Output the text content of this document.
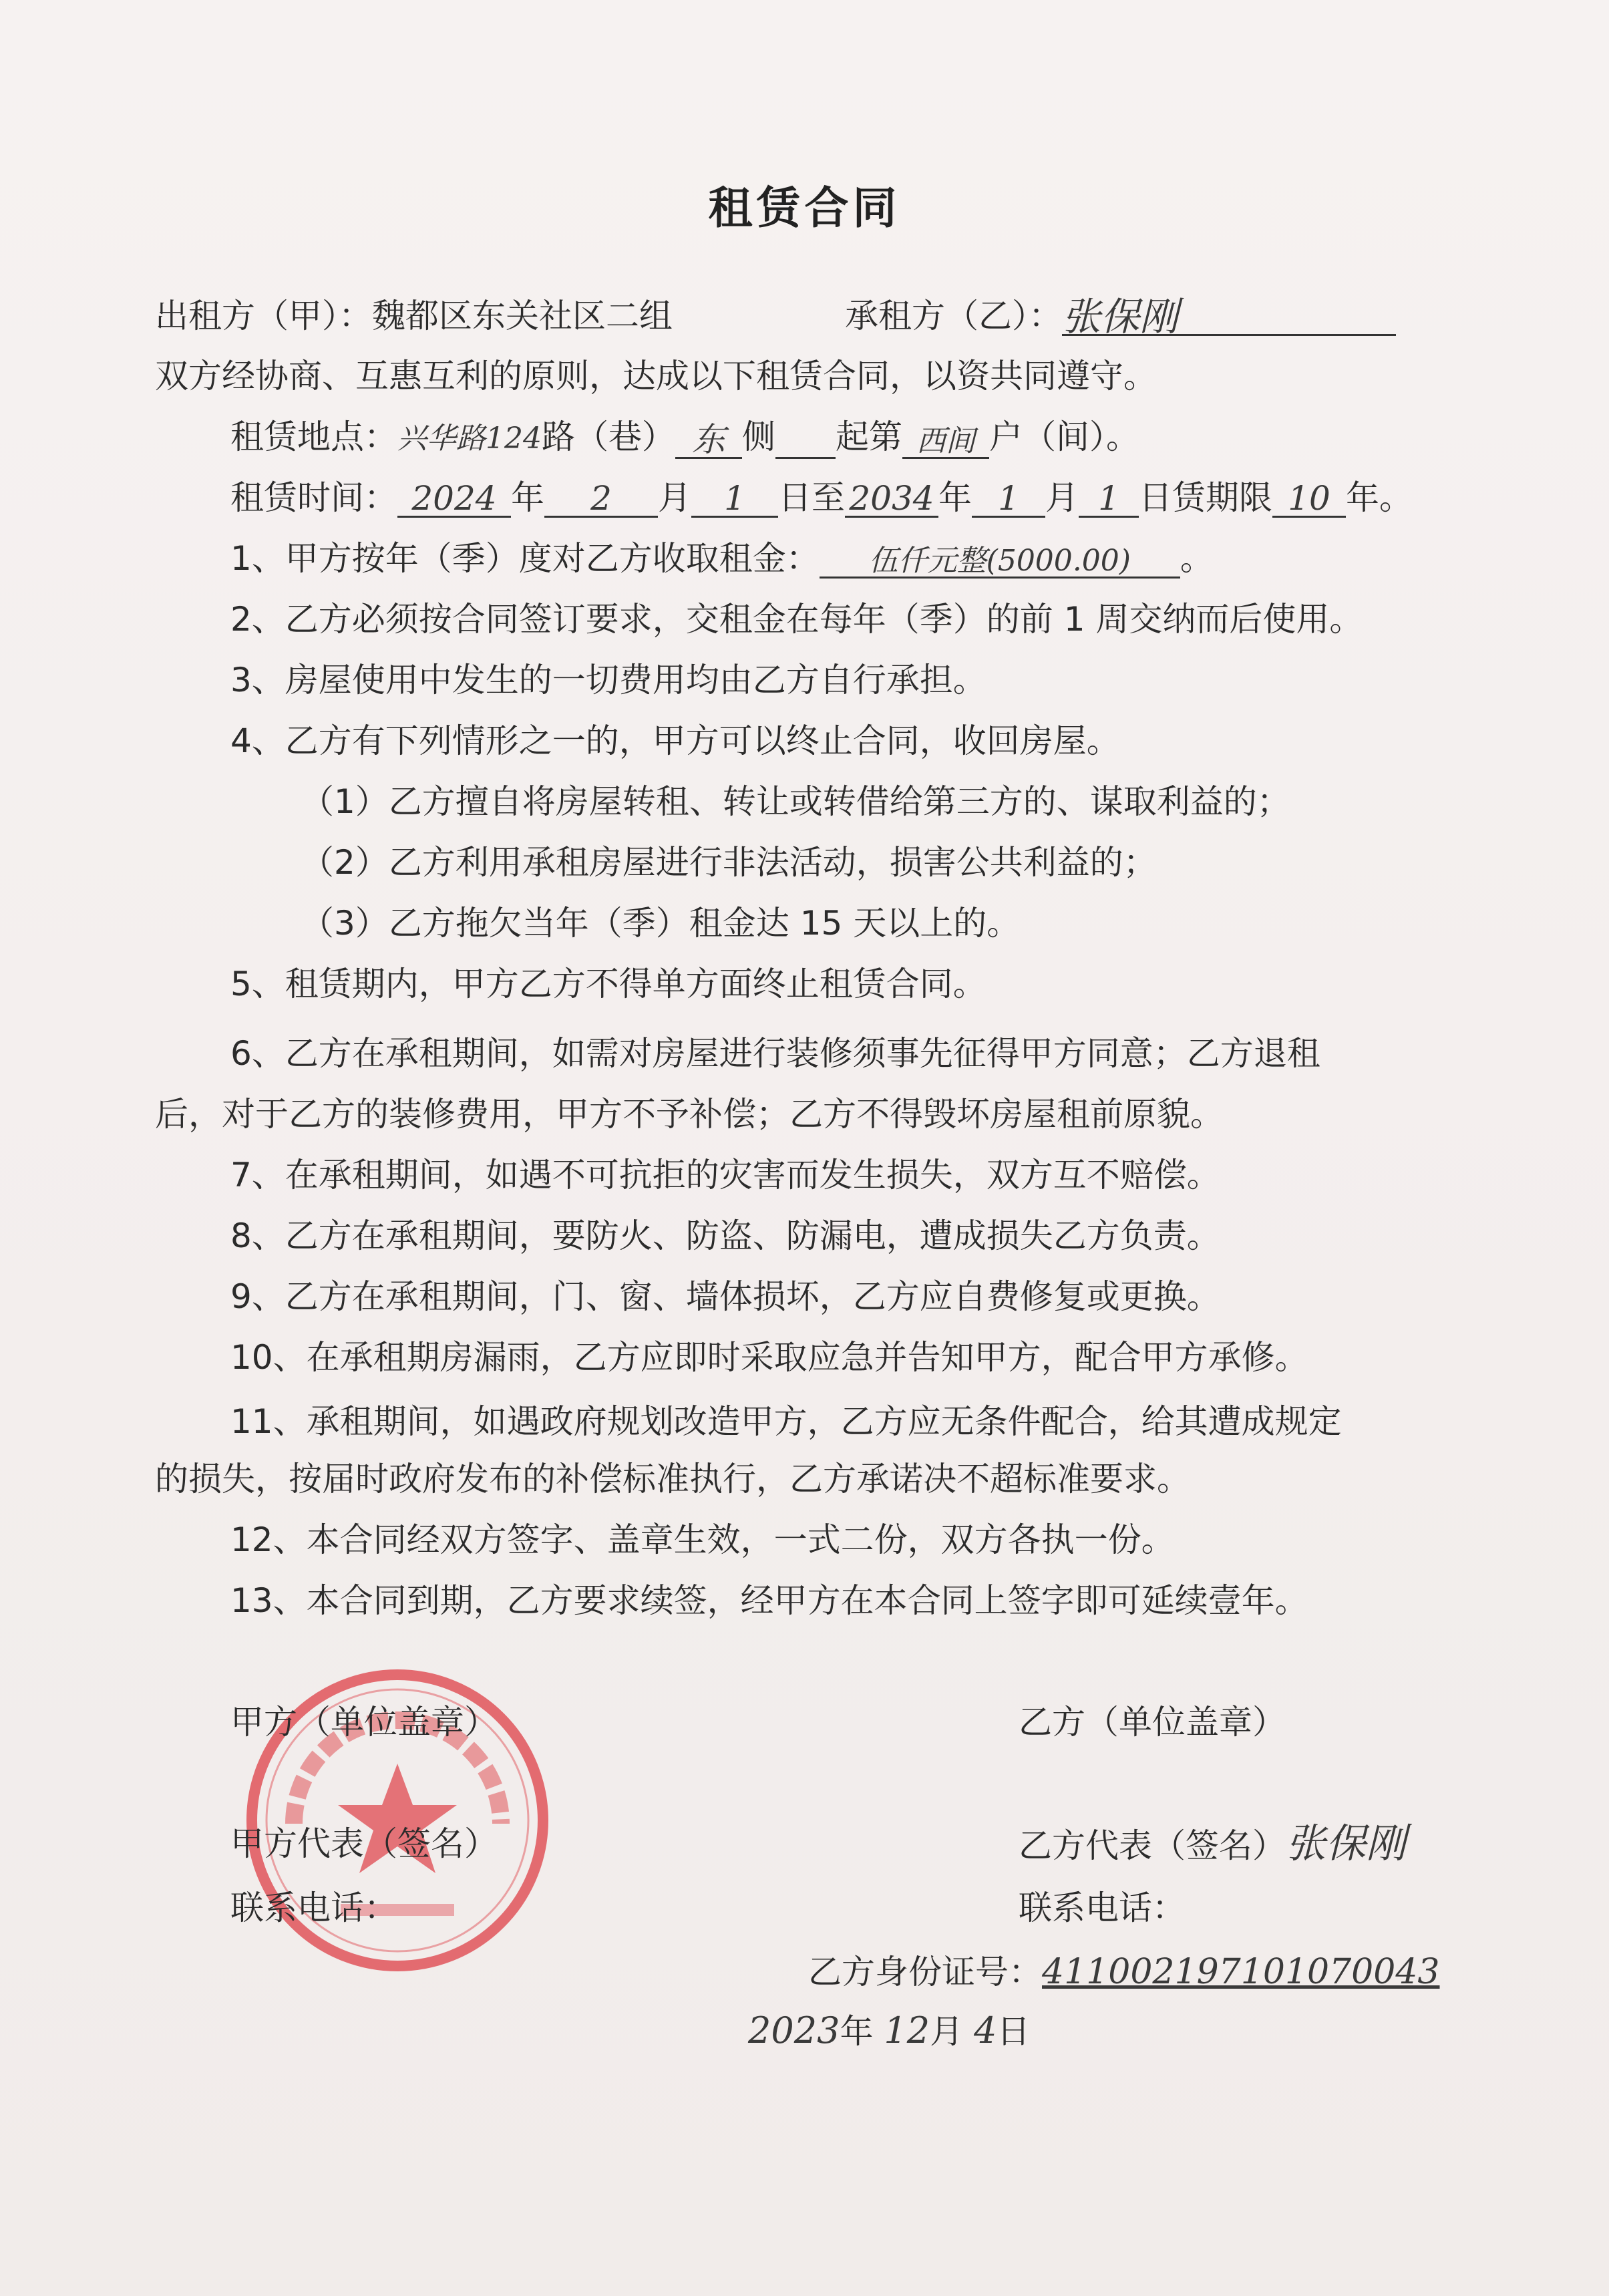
租赁合同
出租方（甲）：魏都区东关社区二组	承租方（乙）：张保刚
双方经协商、互惠互利的原则，达成以下租赁合同，以资共同遵守。
租赁地点：兴华路124路（巷） 东 侧 起第 西间 户（间）。
租赁时间： 2024 年 2 月 1 日至 2034 年 1 月 1 日赁期限 10 年。
1、甲方按年（季）度对乙方收取租金： 伍仟元整(5000.00) 。
2、乙方必须按合同签订要求，交租金在每年（季）的前 1 周交纳而后使用。
3、房屋使用中发生的一切费用均由乙方自行承担。
4、乙方有下列情形之一的，甲方可以终止合同，收回房屋。
（1）乙方擅自将房屋转租、转让或转借给第三方的、谋取利益的；
（2）乙方利用承租房屋进行非法活动，损害公共利益的；
（3）乙方拖欠当年（季）租金达 15 天以上的。
5、租赁期内，甲方乙方不得单方面终止租赁合同。
6、乙方在承租期间，如需对房屋进行装修须事先征得甲方同意；乙方退租
后，对于乙方的装修费用，甲方不予补偿；乙方不得毁坏房屋租前原貌。
7、在承租期间，如遇不可抗拒的灾害而发生损失，双方互不赔偿。
8、乙方在承租期间，要防火、防盗、防漏电，遭成损失乙方负责。
9、乙方在承租期间，门、窗、墙体损坏，乙方应自费修复或更换。
10、在承租期房漏雨，乙方应即时采取应急并告知甲方，配合甲方承修。
11、承租期间，如遇政府规划改造甲方，乙方应无条件配合，给其遭成规定
的损失，按届时政府发布的补偿标准执行，乙方承诺决不超标准要求。
12、本合同经双方签字、盖章生效，一式二份，双方各执一份。
13、本合同到期，乙方要求续签，经甲方在本合同上签字即可延续壹年。
甲方（单位盖章）	乙方（单位盖章）
甲方代表（签名）	乙方代表（签名）张保刚
联系电话：	联系电话：
乙方身份证号：411002197101070043
2023年 12月 4日
